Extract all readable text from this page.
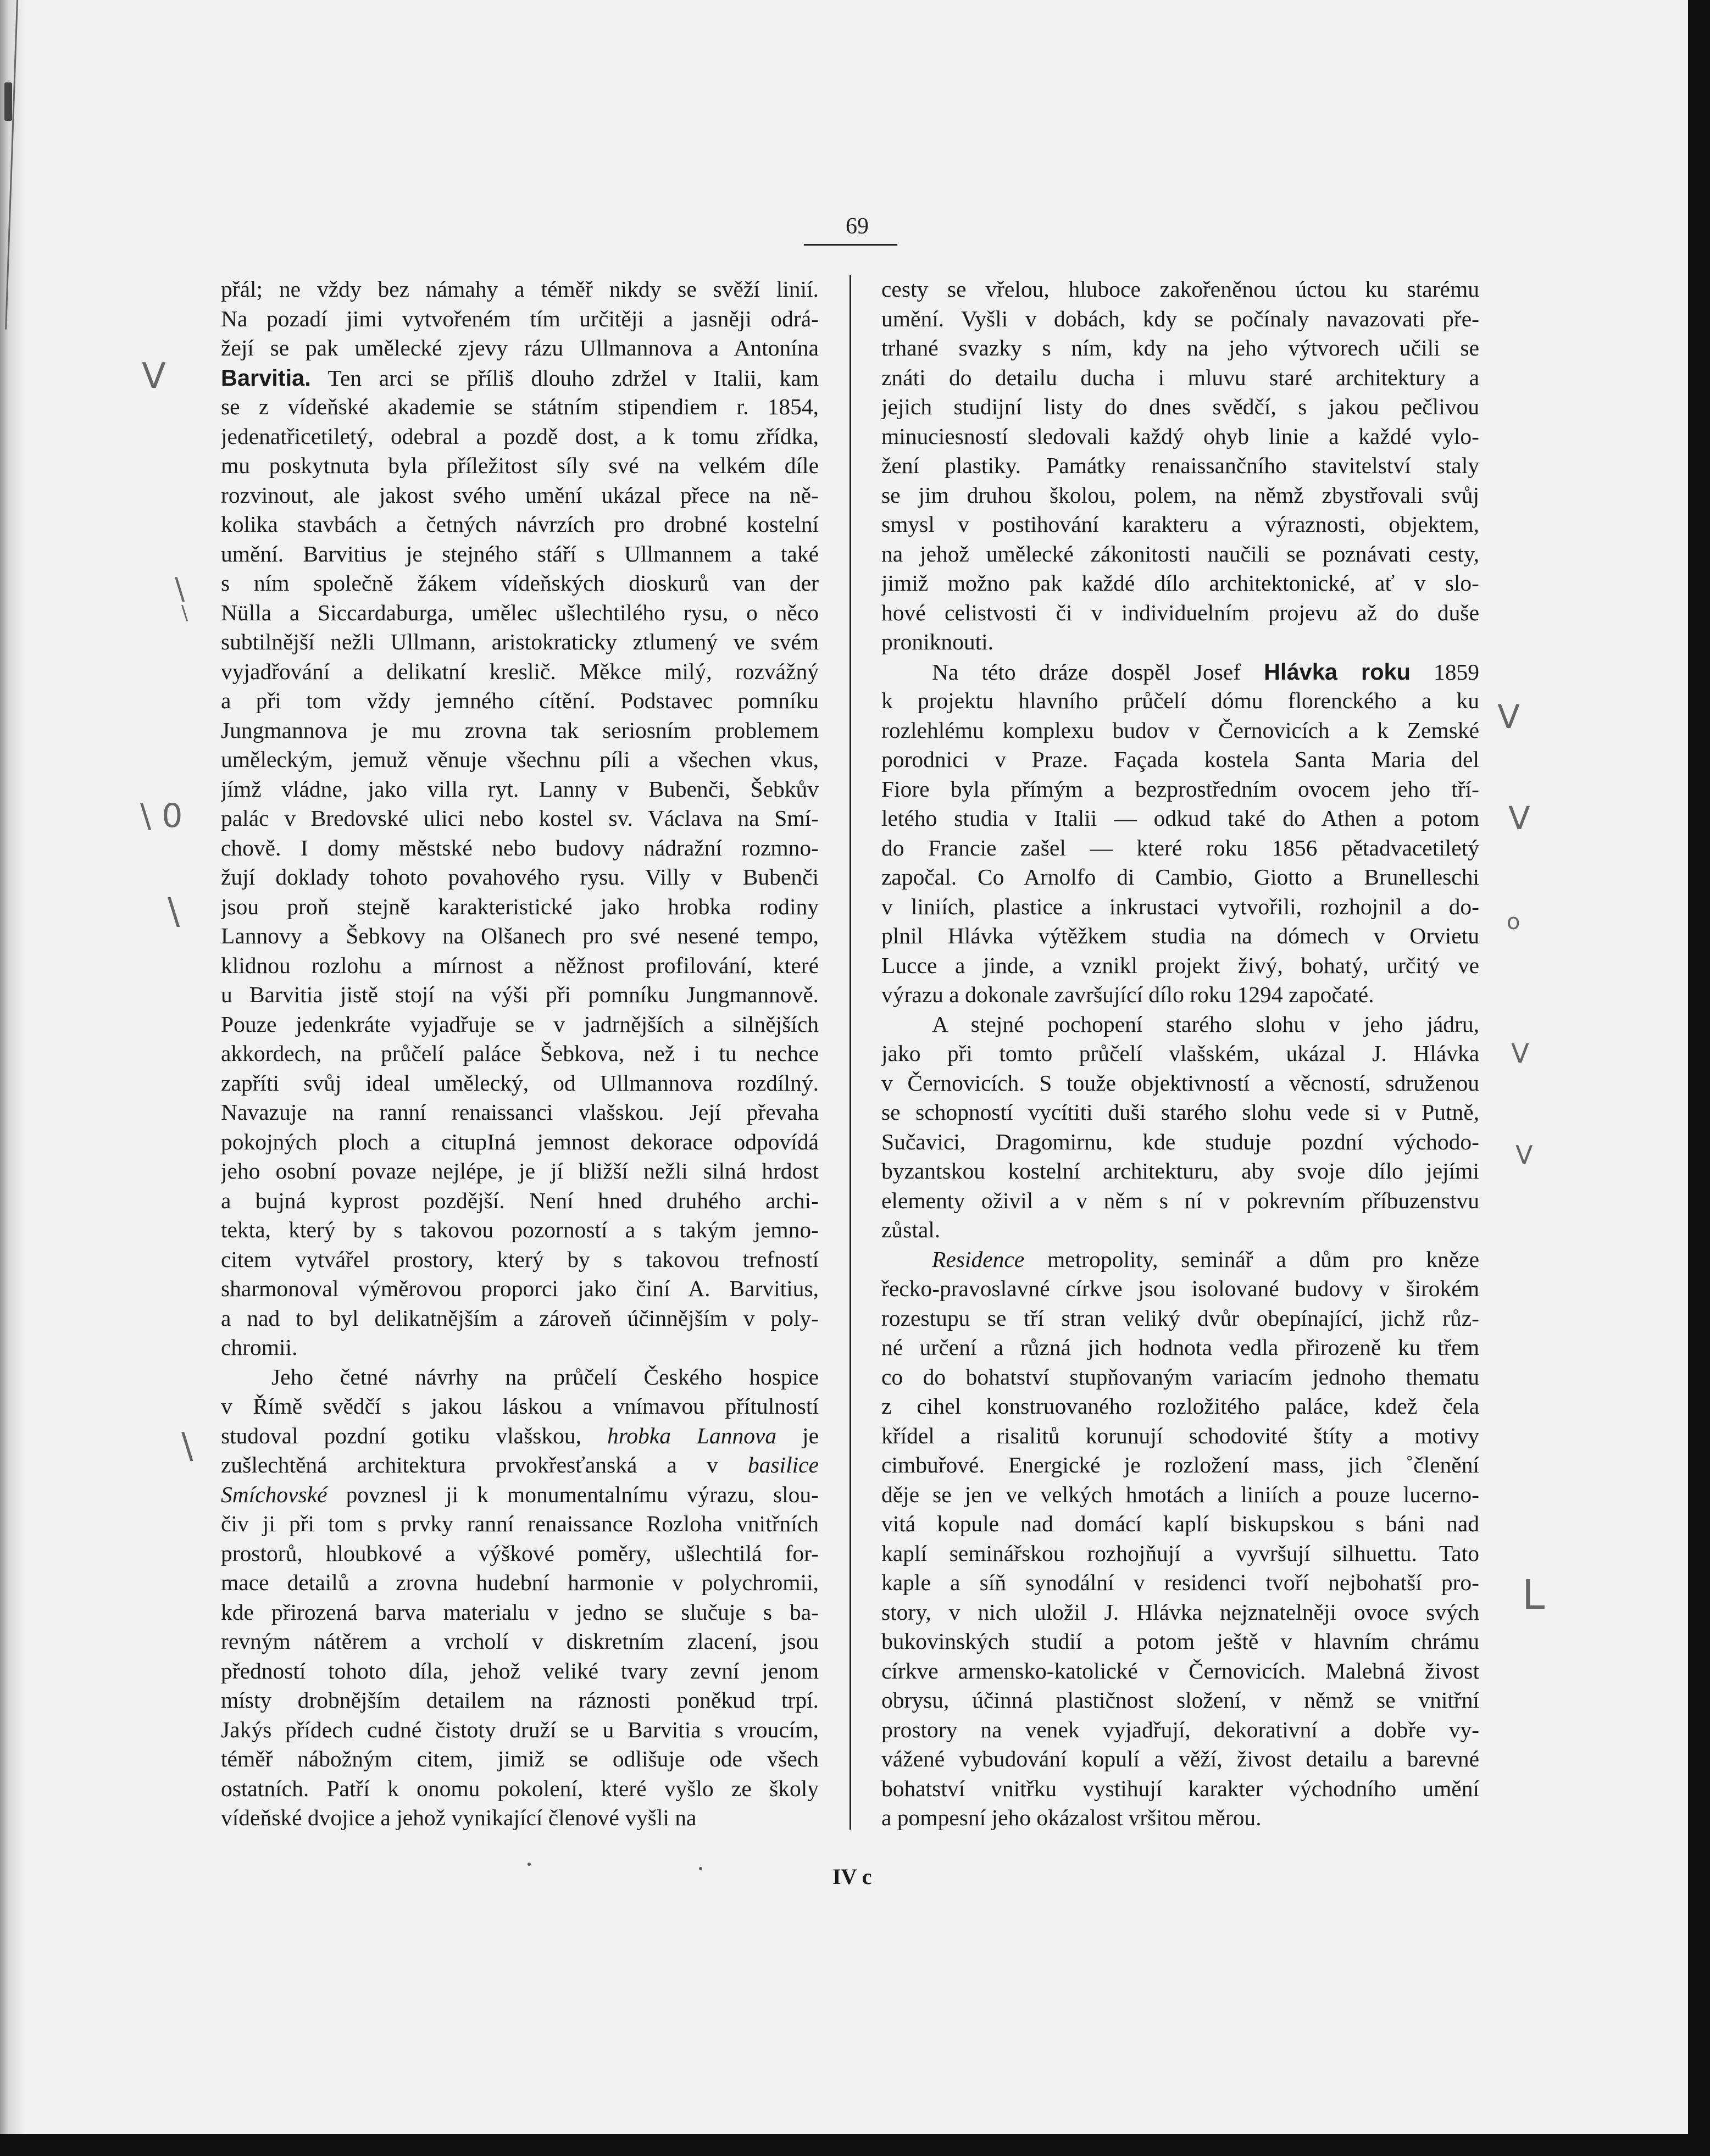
69
přál; ne vždy bez námahy a téměř nikdy se svěží linií.
Na pozadí jimi vytvořeném tím určitěji a jasněji odrá-
žejí se pak umělecké zjevy rázu Ullmannova a Antonína
Barvitia. Ten arci se příliš dlouho zdržel v Italii, kam
se z vídeňské akademie se státním stipendiem r. 1854,
jedenatřicetiletý, odebral a pozdě dost, a k tomu zřídka,
mu poskytnuta byla příležitost síly své na velkém díle
rozvinout, ale jakost svého umění ukázal přece na ně-
kolika stavbách a četných návrzích pro drobné kostelní
umění. Barvitius je stejného stáří s Ullmannem a také
s ním společně žákem vídeňských dioskurů van der
Nülla a Siccardaburga, umělec ušlechtilého rysu, o něco
subtilnější nežli Ullmann, aristokraticky ztlumený ve svém
vyjadřování a delikatní kreslič. Měkce milý, rozvážný
a při tom vždy jemného cítění. Podstavec pomníku
Jungmannova je mu zrovna tak seriosním problemem
uměleckým, jemuž věnuje všechnu píli a všechen vkus,
jímž vládne, jako villa ryt. Lanny v Bubenči, Šebkův
palác v Bredovské ulici nebo kostel sv. Václava na Smí-
chově. I domy městské nebo budovy nádražní rozmno-
žují doklady tohoto povahového rysu. Villy v Bubenči
jsou proň stejně karakteristické jako hrobka rodiny
Lannovy a Šebkovy na Olšanech pro své nesené tempo,
klidnou rozlohu a mírnost a něžnost profilování, které
u Barvitia jistě stojí na výši při pomníku Jungmannově.
Pouze jedenkráte vyjadřuje se v jadrnějších a silnějších
akkordech, na průčelí paláce Šebkova, než i tu nechce
zapříti svůj ideal umělecký, od Ullmannova rozdílný.
Navazuje na ranní renaissanci vlašskou. Její převaha
pokojných ploch a citupIná jemnost dekorace odpovídá
jeho osobní povaze nejlépe, je jí bližší nežli silná hrdost
a bujná kyprost pozdější. Není hned druhého archi-
tekta, který by s takovou pozorností a s takým jemno-
citem vytvářel prostory, který by s takovou trefností
sharmonoval výměrovou proporci jako činí A. Barvitius,
a nad to byl delikatnějším a zároveň účinnějším v poly-
chromii.
Jeho četné návrhy na průčelí Českého hospice
v Římě svědčí s jakou láskou a vnímavou přítulností
studoval pozdní gotiku vlašskou, hrobka Lannova je
zušlechtěná architektura prvokřesťanská a v basilice
Smíchovské povznesl ji k monumentalnímu výrazu, slou-
čiv ji při tom s prvky ranní renaissance Rozloha vnitřních
prostorů, hloubkové a výškové poměry, ušlechtilá for-
mace detailů a zrovna hudební harmonie v polychromii,
kde přirozená barva materialu v jedno se slučuje s ba-
revným nátěrem a vrcholí v diskretním zlacení, jsou
předností tohoto díla, jehož veliké tvary zevní jenom
místy drobnějším detailem na ráznosti poněkud trpí.
Jakýs přídech cudné čistoty druží se u Barvitia s vroucím,
téměř nábožným citem, jimiž se odlišuje ode všech
ostatních. Patří k onomu pokolení, které vyšlo ze školy
vídeňské dvojice a jehož vynikající členové vyšli na
cesty se vřelou, hluboce zakořeněnou úctou ku starému
umění. Vyšli v dobách, kdy se počínaly navazovati pře-
trhané svazky s ním, kdy na jeho výtvorech učili se
znáti do detailu ducha i mluvu staré architektury a
jejich studijní listy do dnes svědčí, s jakou pečlivou
minuciesností sledovali každý ohyb linie a každé vylo-
žení plastiky. Památky renaissančního stavitelství staly
se jim druhou školou, polem, na němž zbystřovali svůj
smysl v postihování karakteru a výraznosti, objektem,
na jehož umělecké zákonitosti naučili se poznávati cesty,
jimiž možno pak každé dílo architektonické, ať v slo-
hové celistvosti či v individuelním projevu až do duše
proniknouti.
Na této dráze dospěl Josef Hlávka roku 1859
k projektu hlavního průčelí dómu florenckého a ku
rozlehlému komplexu budov v Černovicích a k Zemské
porodnici v Praze. Façada kostela Santa Maria del
Fiore byla přímým a bezprostředním ovocem jeho tří-
letého studia v Italii — odkud také do Athen a potom
do Francie zašel — které roku 1856 pětadvacetiletý
započal. Co Arnolfo di Cambio, Giotto a Brunelleschi
v liniích, plastice a inkrustaci vytvořili, rozhojnil a do-
plnil Hlávka výtěžkem studia na dómech v Orvietu
Lucce a jinde, a vznikl projekt živý, bohatý, určitý ve
výrazu a dokonale završující dílo roku 1294 započaté.
A stejné pochopení starého slohu v jeho jádru,
jako při tomto průčelí vlašském, ukázal J. Hlávka
v Černovicích. S touže objektivností a věcností, sdruženou
se schopností vycítiti duši starého slohu vede si v Putně,
Sučavici, Dragomirnu, kde studuje pozdní východo-
byzantskou kostelní architekturu, aby svoje dílo jejími
elementy oživil a v něm s ní v pokrevním příbuzenstvu
zůstal.
Residence metropolity, seminář a dům pro kněze
řecko-pravoslavné církve jsou isolované budovy v širokém
rozestupu se tří stran veliký dvůr obepínající, jichž růz-
né určení a různá jich hodnota vedla přirozeně ku třem
co do bohatství stupňovaným variacím jednoho thematu
z cihel konstruovaného rozložitého paláce, kdež čela
křídel a risalitů korunují schodovité štíty a motivy
cimbuřové. Energické je rozložení mass, jich ˚členění
děje se jen ve velkých hmotách a liniích a pouze lucerno-
vitá kopule nad domácí kaplí biskupskou s báni nad
kaplí seminářskou rozhojňují a vyvršují silhuettu. Tato
kaple a síň synodální v residenci tvoří nejbohatší pro-
story, v nich uložil J. Hlávka nejznatelněji ovoce svých
bukovinských studií a potom ještě v hlavním chrámu
církve armensko-katolické v Černovicích. Malebná živost
obrysu, účinná plastičnost složení, v němž se vnitřní
prostory na venek vyjadřují, dekorativní a dobře vy-
vážené vybudování kopulí a věží, živost detailu a barevné
bohatství vnitřku vystihují karakter východního umění
a pompesní jeho okázalost vršitou měrou.
IV c
V
\
\
\ 0
\
\
V
V
o
V
V
L
